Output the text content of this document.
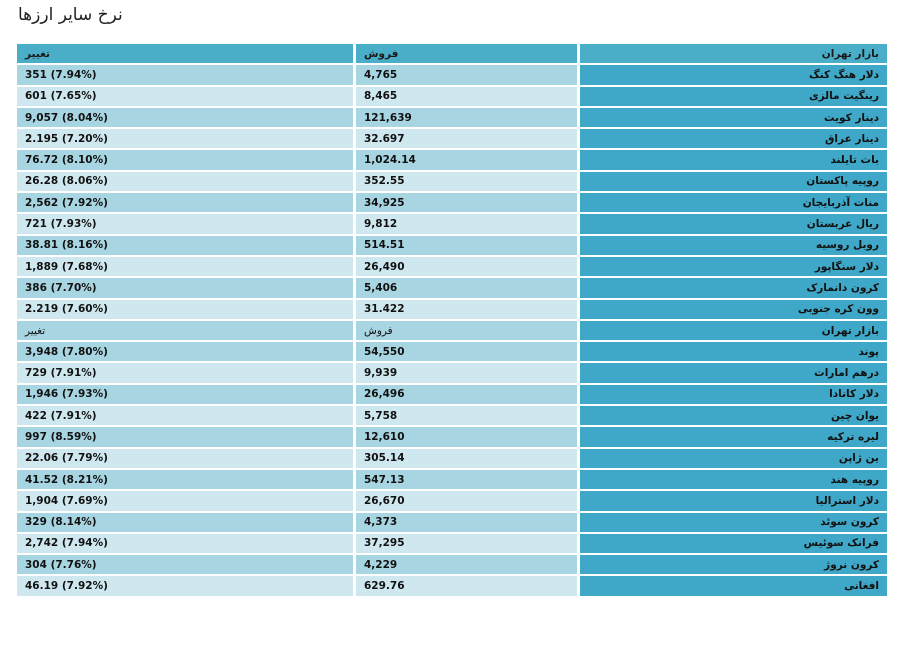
نرخ سایر ارزها
بازار تهران	فروش	تغییر
دلار هنگ کنگ	4,765	351 (7.94%)
رینگیت مالزی	8,465	601 (7.65%)
دینار کویت	121,639	9,057 (8.04%)
دینار عراق	32.697	2.195 (7.20%)
بات تایلند	1,024.14	76.72 (8.10%)
روپیه پاکستان	352.55	26.28 (8.06%)
منات آذربایجان	34,925	2,562 (7.92%)
ریال عربستان	9,812	721 (7.93%)
روبل روسیه	514.51	38.81 (8.16%)
دلار سنگاپور	26,490	1,889 (7.68%)
کرون دانمارک	5,406	386 (7.70%)
وون کره جنوبی	31.422	2.219 (7.60%)
بازار تهران	فروش	تغییر
پوند	54,550	3,948 (7.80%)
درهم امارات	9,939	729 (7.91%)
دلار کانادا	26,496	1,946 (7.93%)
یوان چین	5,758	422 (7.91%)
لیره ترکیه	12,610	997 (8.59%)
ین ژاپن	305.14	22.06 (7.79%)
روپیه هند	547.13	41.52 (8.21%)
دلار استرالیا	26,670	1,904 (7.69%)
کرون سوئد	4,373	329 (8.14%)
فرانک سوئیس	37,295	2,742 (7.94%)
کرون نروژ	4,229	304 (7.76%)
افغانی	629.76	46.19 (7.92%)
